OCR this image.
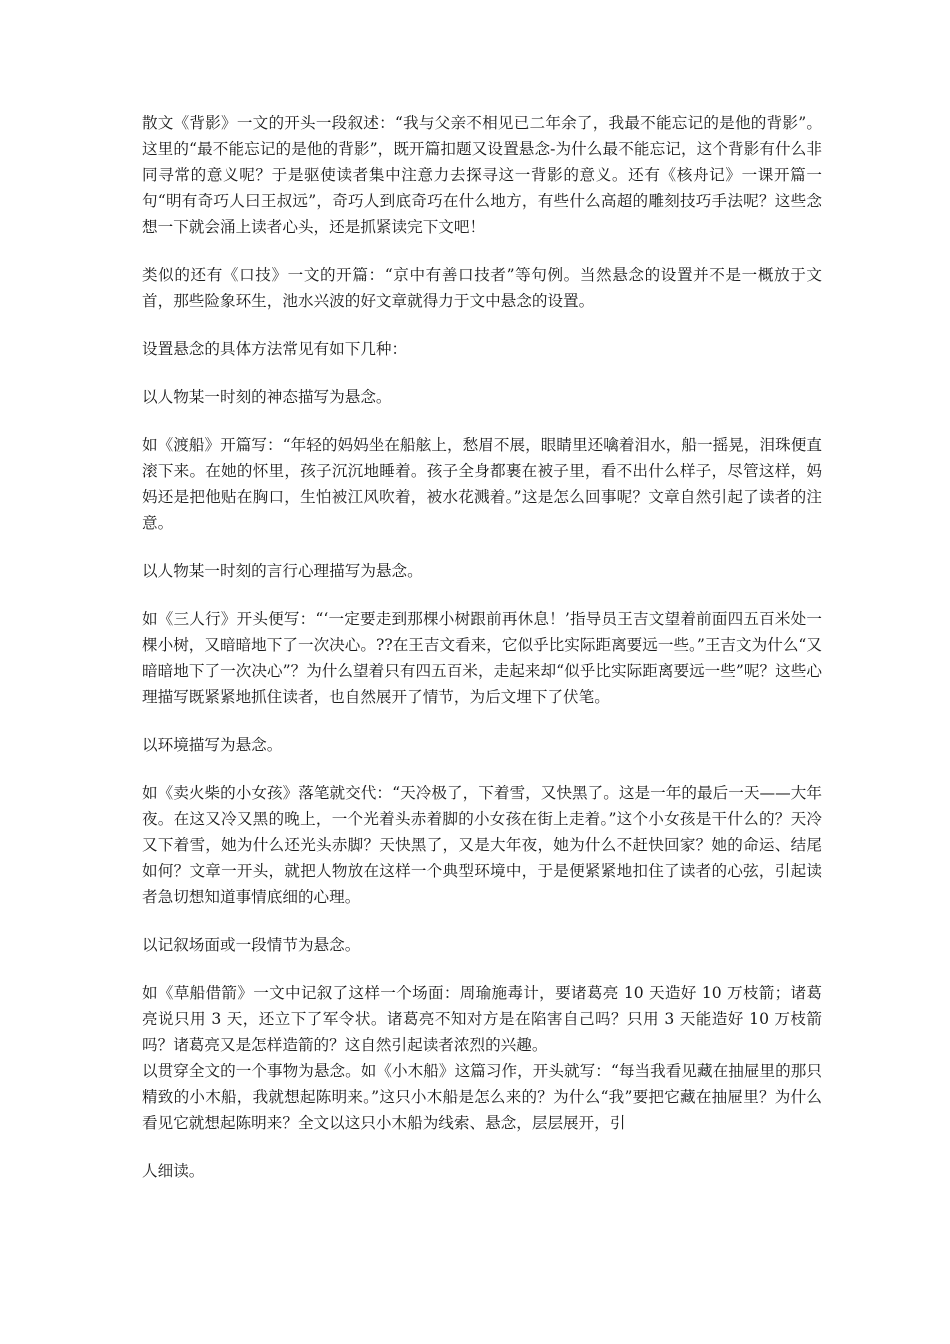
散文《背影》一文的开头一段叙述：“我与父亲不相见已二年余了，我最不能忘记的是他的背影”。这里的“最不能忘记的是他的背影”，既开篇扣题又设置悬念-为什么最不能忘记，这个背影有什么非同寻常的意义呢？于是驱使读者集中注意力去探寻这一背影的意义。还有《核舟记》一课开篇一句“明有奇巧人曰王叔远”，奇巧人到底奇巧在什么地方，有些什么高超的雕刻技巧手法呢？这些念想一下就会涌上读者心头，还是抓紧读完下文吧！

类似的还有《口技》一文的开篇：“京中有善口技者”等句例。当然悬念的设置并不是一概放于文首，那些险象环生，池水兴波的好文章就得力于文中悬念的设置。

设置悬念的具体方法常见有如下几种：

以人物某一时刻的神态描写为悬念。

如《渡船》开篇写：“年轻的妈妈坐在船舷上，愁眉不展，眼睛里还噙着泪水，船一摇晃，泪珠便直滚下来。在她的怀里，孩子沉沉地睡着。孩子全身都裹在被子里，看不出什么样子，尽管这样，妈妈还是把他贴在胸口，生怕被江风吹着，被水花溅着。”这是怎么回事呢？文章自然引起了读者的注意。

以人物某一时刻的言行心理描写为悬念。

如《三人行》开头便写：“‘一定要走到那棵小树跟前再休息！’指导员王吉文望着前面四五百米处一棵小树，又暗暗地下了一次决心。??在王吉文看来，它似乎比实际距离要远一些。”王吉文为什么“又暗暗地下了一次决心”？为什么望着只有四五百米，走起来却“似乎比实际距离要远一些”呢？这些心理描写既紧紧地抓住读者，也自然展开了情节，为后文埋下了伏笔。

以环境描写为悬念。

如《卖火柴的小女孩》落笔就交代：“天冷极了，下着雪，又快黑了。这是一年的最后一天——大年夜。在这又冷又黑的晚上，一个光着头赤着脚的小女孩在街上走着。”这个小女孩是干什么的？天冷又下着雪，她为什么还光头赤脚？天快黑了，又是大年夜，她为什么不赶快回家？她的命运、结尾如何？文章一开头，就把人物放在这样一个典型环境中，于是便紧紧地扣住了读者的心弦，引起读者急切想知道事情底细的心理。

以记叙场面或一段情节为悬念。

如《草船借箭》一文中记叙了这样一个场面：周瑜施毒计，要诸葛亮 10 天造好 10 万枝箭；诸葛亮说只用 3 天，还立下了军令状。诸葛亮不知对方是在陷害自己吗？只用 3 天能造好 10 万枝箭吗？诸葛亮又是怎样造箭的？这自然引起读者浓烈的兴趣。

以贯穿全文的一个事物为悬念。如《小木船》这篇习作，开头就写：“每当我看见藏在抽屉里的那只精致的小木船，我就想起陈明来。”这只小木船是怎么来的？为什么“我”要把它藏在抽屉里？为什么看见它就想起陈明来？全文以这只小木船为线索、悬念，层层展开，引

人细读。
